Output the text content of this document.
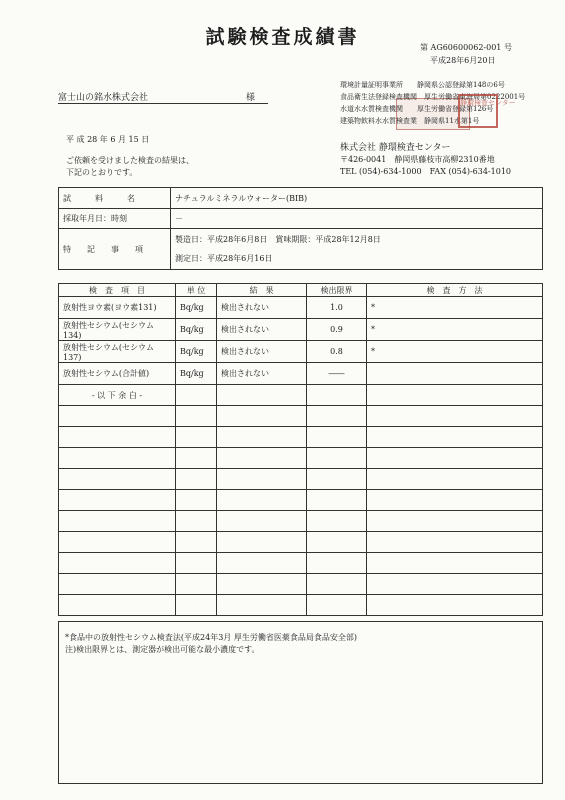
試験検査成績書	第 AG60600062-001 号
平成28年6月20日
環境計量証明事業所　　静岡県公認登録第148の6号
食品衛生法登録検査機関　厚生労働省東海局第0222001号
水道水水質検査機関　　厚生労働省登録第126号
建築物飲料水水質検査業　静岡県11水第1号
富士山の銘水株式会社	様
平 成 28 年 6 月 15 日
ご依頼を受けました検査の結果は、
下記のとおりです。
株式会社 静環検査センター
〒426-0041　静岡県藤枝市高柳2310番地
TEL (054)-634-1000　FAX (054)-634-1010
静環検査センター
試　　　料　　　名	ナチュラルミネラルウォーター(BIB)
採取年月日：時刻	－
特　　記　　事　　項	製造日：平成28年6月8日　賞味期限：平成28年12月8日
測定日：平成28年6月16日
検　査　項　目	単 位	結　果	検出限界	検　査　方　法
放射性ヨウ素(ヨウ素131)	Bq/kg	検出されない	1.0	*
放射性セシウム(セシウム134)	Bq/kg	検出されない	0.9	*
放射性セシウム(セシウム137)	Bq/kg	検出されない	0.8	*
放射性セシウム(合計値)	Bq/kg	検出されない	――	
- 以 下 余 白 -				

*食品中の放射性セシウム検査法(平成24年3月 厚生労働省医薬食品局食品安全部)
注)検出限界とは、測定器が検出可能な最小濃度です。
